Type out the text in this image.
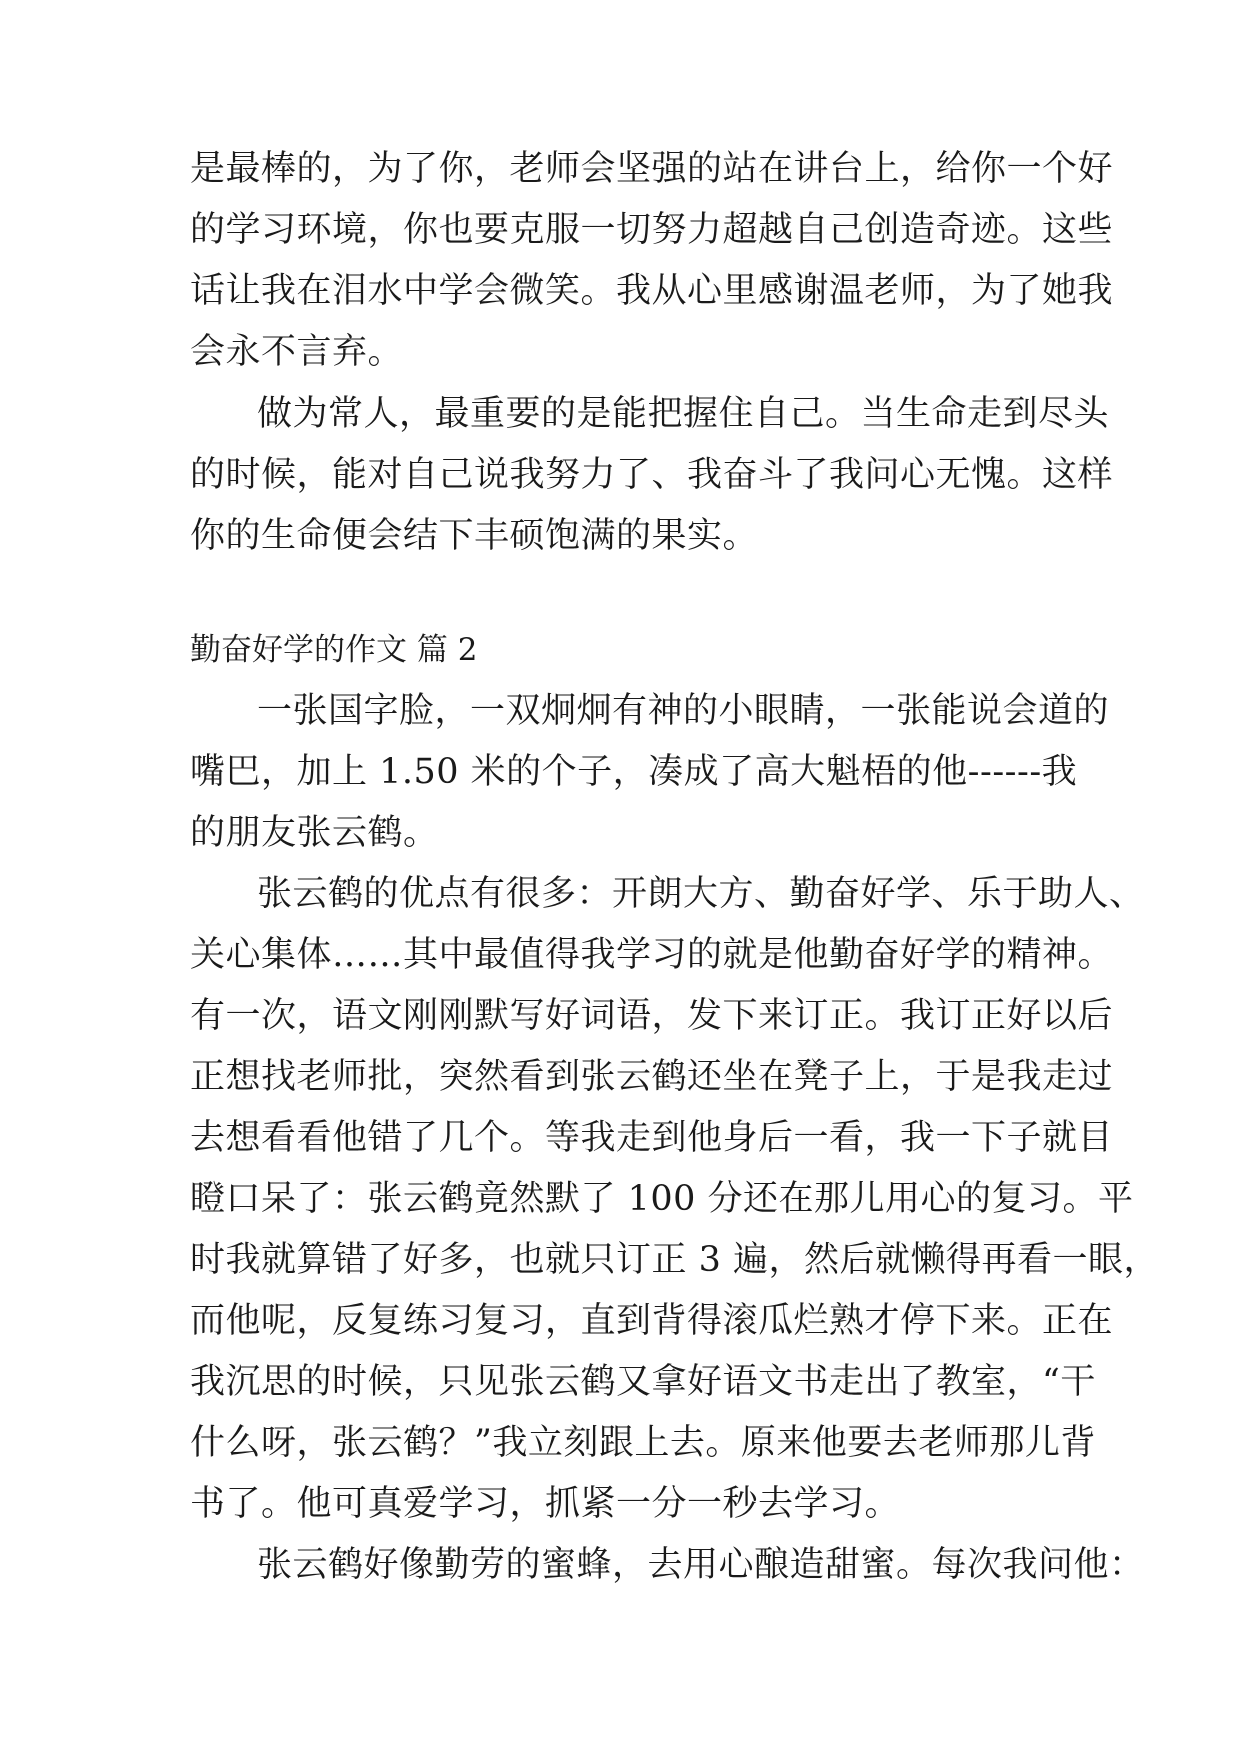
是最棒的，为了你，老师会坚强的站在讲台上，给你一个好
的学习环境，你也要克服一切努力超越自己创造奇迹。这些
话让我在泪水中学会微笑。我从心里感谢温老师，为了她我
会永不言弃。
做为常人，最重要的是能把握住自己。当生命走到尽头
的时候，能对自己说我努力了、我奋斗了我问心无愧。这样
你的生命便会结下丰硕饱满的果实。
勤奋好学的作文 篇 2
一张国字脸，一双炯炯有神的小眼睛，一张能说会道的
嘴巴，加上 1.50 米的个子，凑成了高大魁梧的他------我
的朋友张云鹤。
张云鹤的优点有很多：开朗大方、勤奋好学、乐于助人、
关心集体……其中最值得我学习的就是他勤奋好学的精神。
有一次，语文刚刚默写好词语，发下来订正。我订正好以后
正想找老师批，突然看到张云鹤还坐在凳子上，于是我走过
去想看看他错了几个。等我走到他身后一看，我一下子就目
瞪口呆了：张云鹤竟然默了 100 分还在那儿用心的复习。平
时我就算错了好多，也就只订正 3 遍，然后就懒得再看一眼，
而他呢，反复练习复习，直到背得滚瓜烂熟才停下来。正在
我沉思的时候，只见张云鹤又拿好语文书走出了教室，“干
什么呀，张云鹤？”我立刻跟上去。原来他要去老师那儿背
书了。他可真爱学习，抓紧一分一秒去学习。
张云鹤好像勤劳的蜜蜂，去用心酿造甜蜜。每次我问他：
